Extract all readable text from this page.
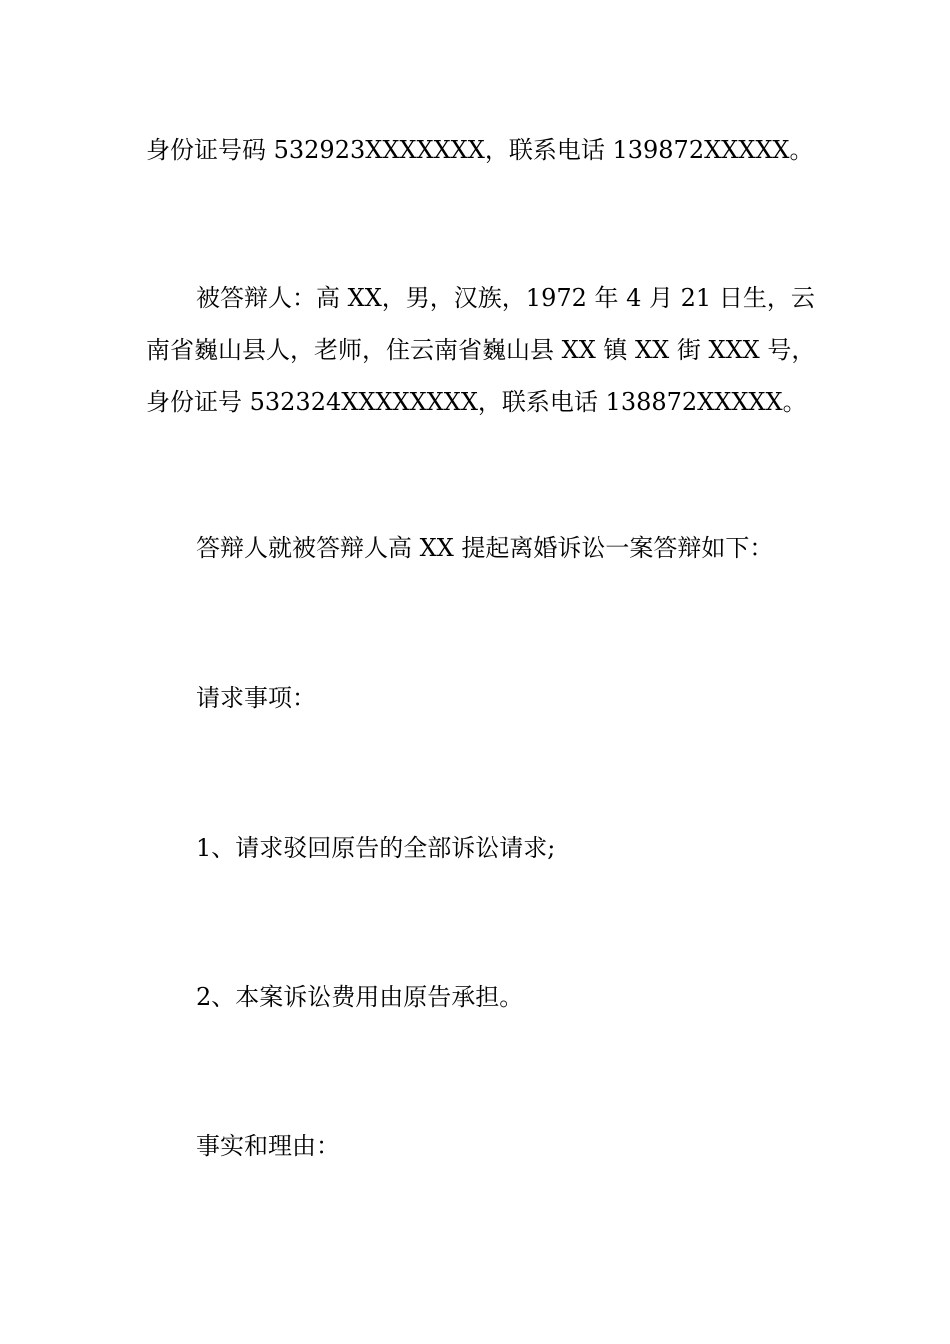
身份证号码 532923XXXXXXX，联系电话 139872XXXXX。

被答辩人：高 XX，男，汉族，1972 年 4 月 21 日生，云
南省巍山县人，老师，住云南省巍山县 XX 镇 XX 街 XXX 号，
身份证号 532324XXXXXXXX，联系电话 138872XXXXX。

答辩人就被答辩人高 XX 提起离婚诉讼一案答辩如下：

请求事项：

1、请求驳回原告的全部诉讼请求;

2、本案诉讼费用由原告承担。

事实和理由：
